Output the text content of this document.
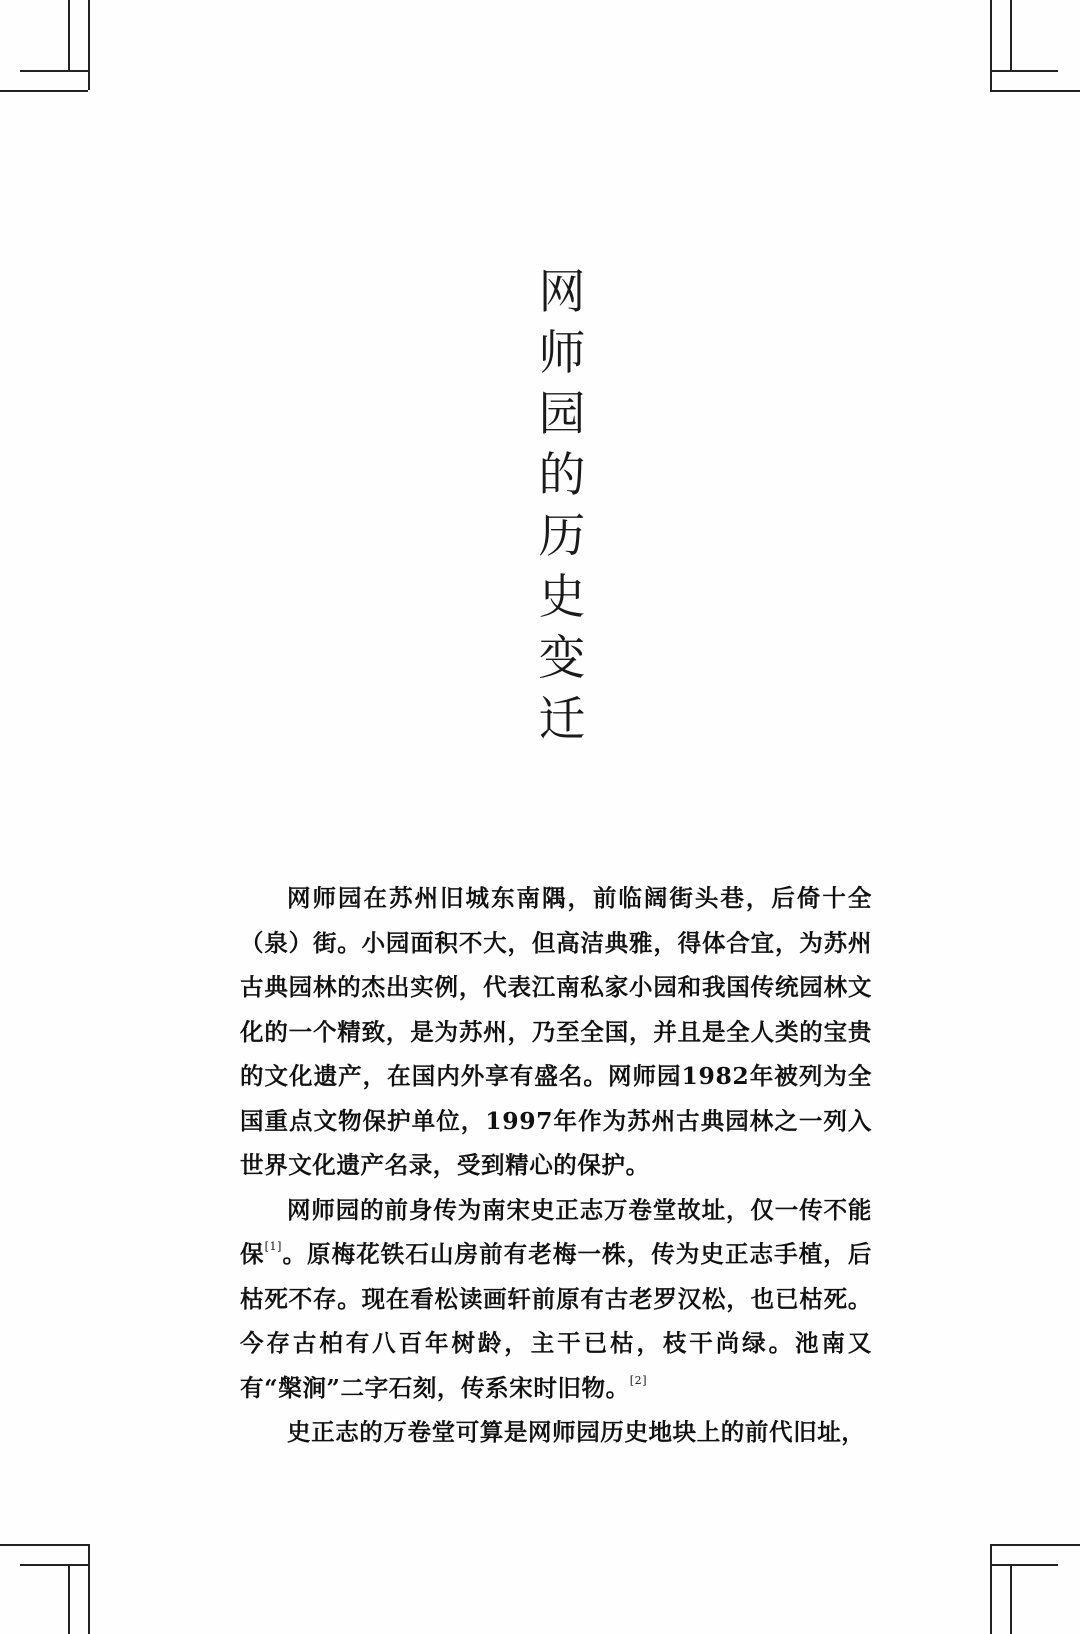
网
师
园
的
历
史
变
迁

网师园在苏州旧城东南隅，前临阔街头巷，后倚十全（泉）街。小园面积不大，但高洁典雅，得体合宜，为苏州古典园林的杰出实例，代表江南私家小园和我国传统园林文化的一个精致，是为苏州，乃至全国，并且是全人类的宝贵的文化遗产，在国内外享有盛名。网师园1982年被列为全国重点文物保护单位，1997年作为苏州古典园林之一列入世界文化遗产名录，受到精心的保护。

网师园的前身传为南宋史正志万卷堂故址，仅一传不能保[1]。原梅花铁石山房前有老梅一株，传为史正志手植，后枯死不存。现在看松读画轩前原有古老罗汉松，也已枯死。今存古柏有八百年树龄，主干已枯，枝干尚绿。池南又有“槃涧”二字石刻，传系宋时旧物。[2]

史正志的万卷堂可算是网师园历史地块上的前代旧址，
